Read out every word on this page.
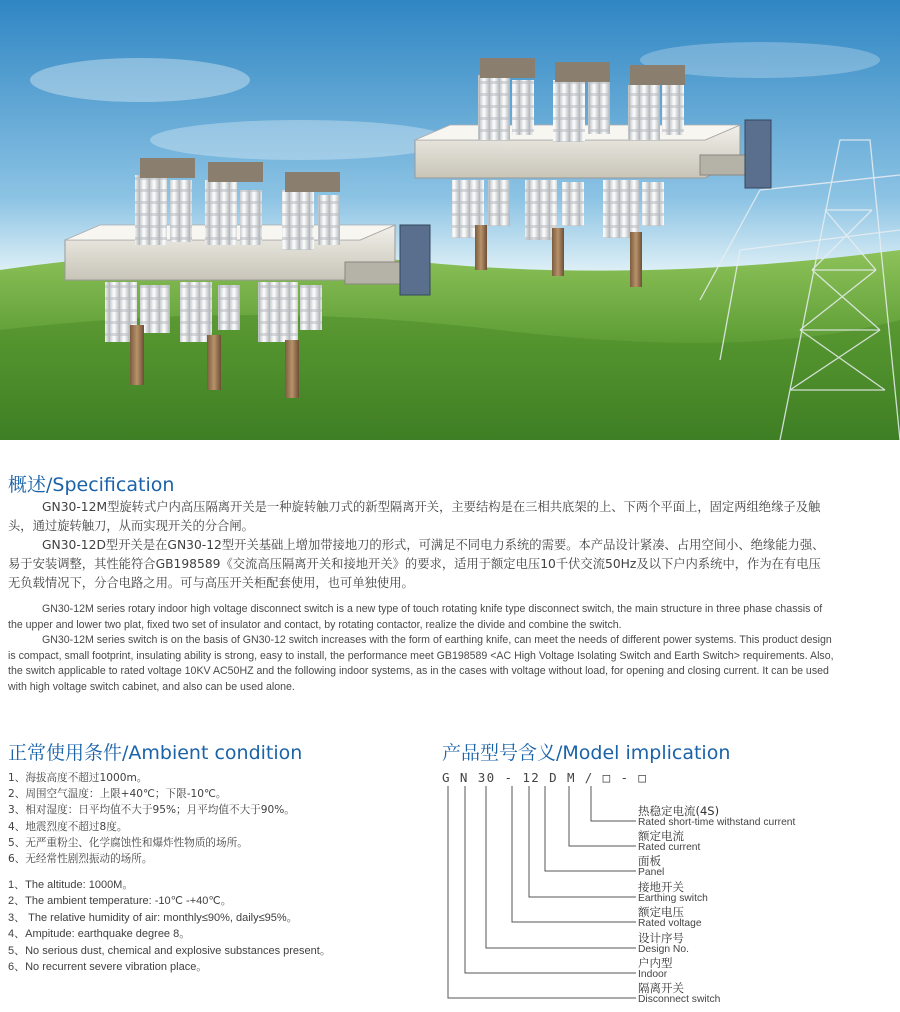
概述/Specification

GN30-12M型旋转式户内高压隔离开关是一种旋转触刀式的新型隔离开关，主要结构是在三相共底架的上、下两个平面上，固定两组绝缘子及触头，通过旋转触刀，从而实现开关的分合闸。

GN30-12D型开关是在GN30-12型开关基础上增加带接地刀的形式，可满足不同电力系统的需要。本产品设计紧凑、占用空间小、绝缘能力强、易于安装调整，其性能符合GB198589《交流高压隔离开关和接地开关》的要求，适用于额定电压10千伏交流50Hz及以下户内系统中，作为在有电压无负载情况下，分合电路之用。可与高压开关柜配套使用，也可单独使用。

GN30-12M series rotary indoor high voltage disconnect switch is a new type of touch rotating knife type disconnect switch, the main structure in three phase chassis of the upper and lower two plat, fixed two set of insulator and contact, by rotating contactor, realize the divide and combine the switch.

GN30-12M series switch is on the basis of GN30-12 switch increases with the form of earthing knife, can meet the needs of different power systems. This product design is compact, small footprint, insulating ability is strong, easy to install, the performance meet GB198589 <AC High Voltage Isolating Switch and Earth Switch> requirements. Also, the switch applicable to rated voltage 10KV AC50HZ and the following indoor systems, as in the cases with voltage without load, for opening and closing current. It can be used with high voltage switch cabinet, and also can be used alone.

正常使用条件/Ambient condition
1、海拔高度不超过1000m。
2、周围空气温度：上限+40℃；下限-10℃。
3、相对湿度：日平均值不大于95%；月平均值不大于90%。
4、地震烈度不超过8度。
5、无严重粉尘、化学腐蚀性和爆炸性物质的场所。
6、无经常性剧烈振动的场所。
1、The altitude: 1000M。
2、The ambient temperature: -10℃ -+40℃。
3、 The relative humidity of air: monthly≤90%, daily≤95%。
4、Ampitude: earthquake degree 8。
5、No serious dust, chemical and explosive substances present。
6、No recurrent severe vibration place。
产品型号含义/Model implication
G N 30 - 12 D M / □ - □
热稳定电流(4S)
Rated short-time withstand current
额定电流
Rated current
面板
Panel
接地开关
Earthing switch
额定电压
Rated voltage
设计序号
Design No.
户内型
Indoor
隔离开关
Disconnect switch
